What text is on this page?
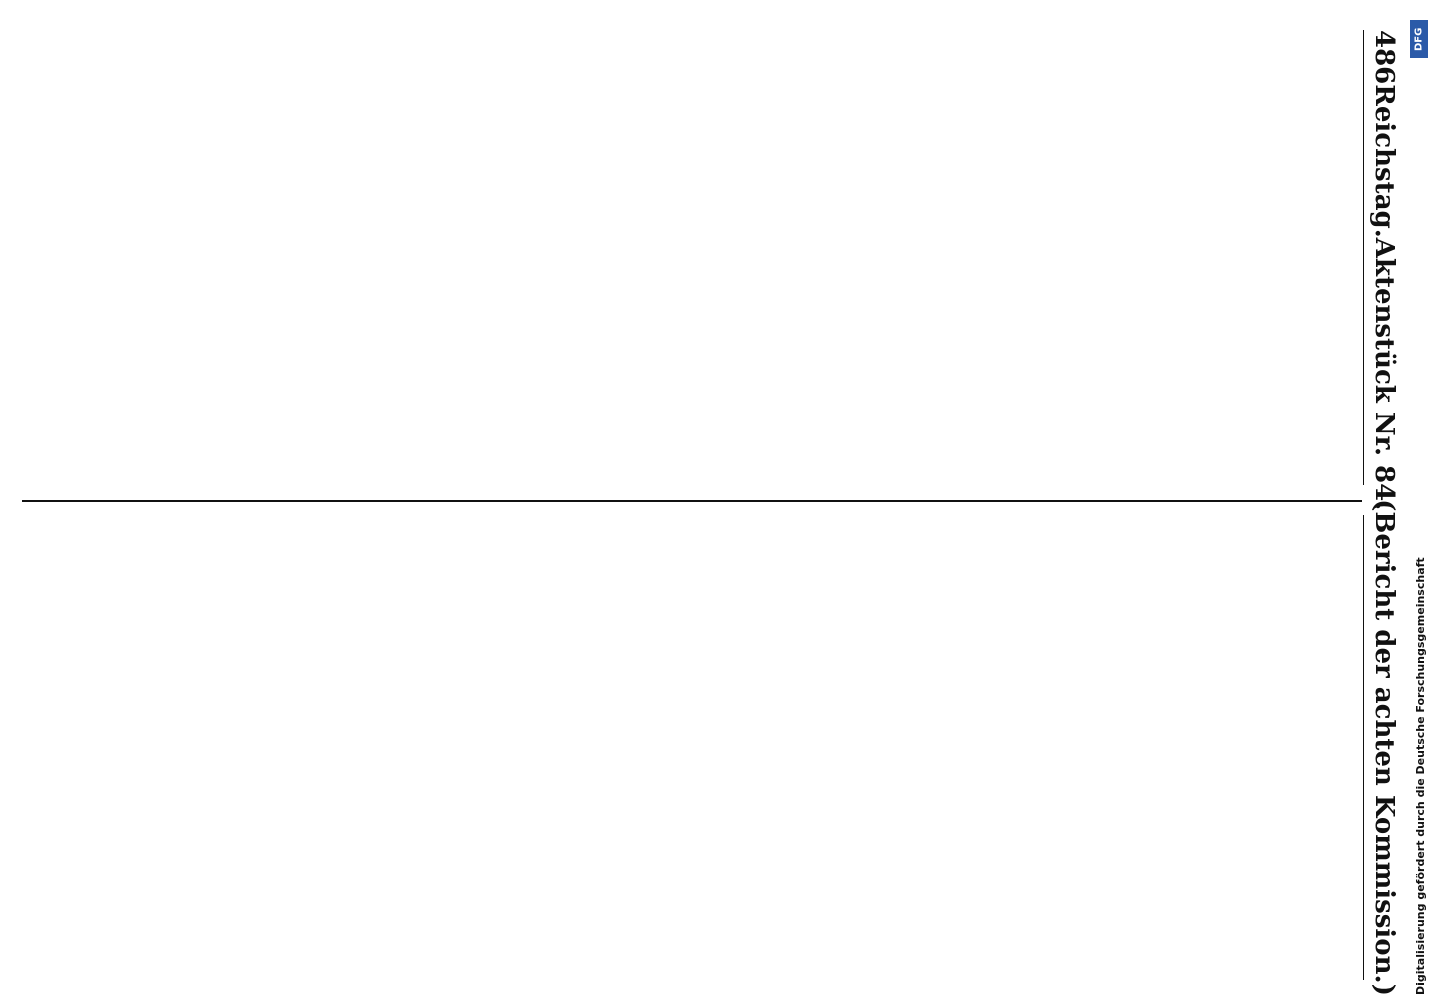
486
Reichstag.
Aktenstück Nr. 84.

(Bericht der achten Kommission.)	Digitalisierung gefördert durch die Deutsche Forschungsgemeinschaft
DFG
